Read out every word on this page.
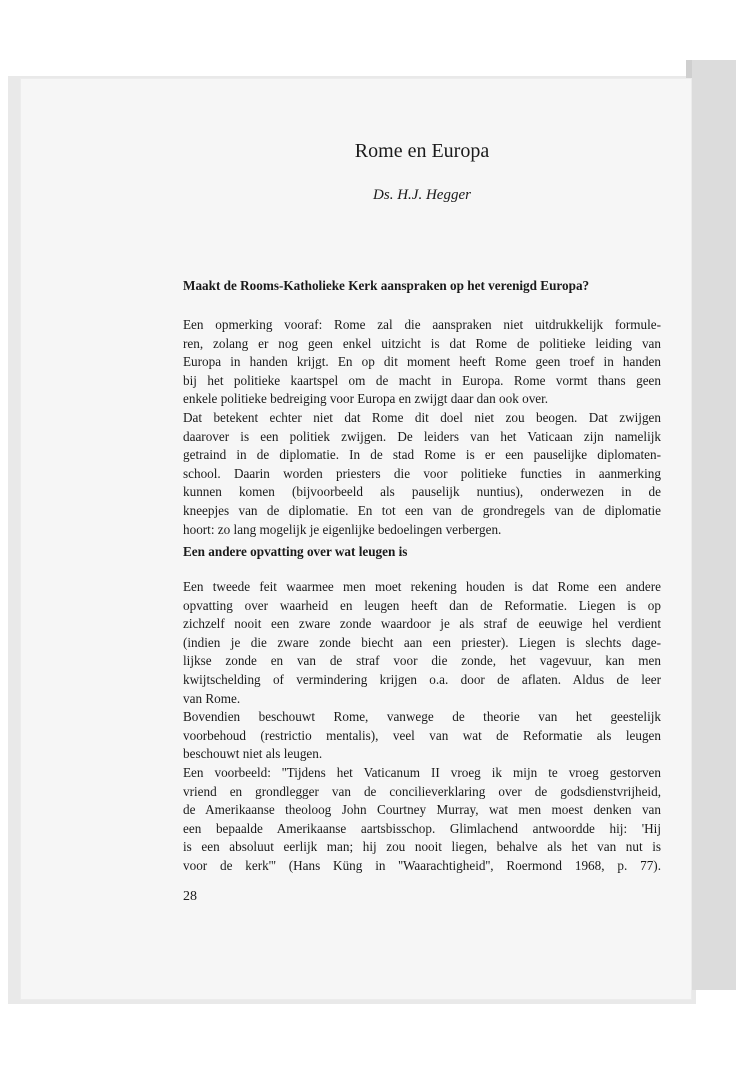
Rome en Europa

Ds. H.J. Hegger

Maakt de Rooms-Katholieke Kerk aanspraken op het verenigd Europa?
Een opmerking vooraf: Rome zal die aanspraken niet uitdrukkelijk formule-
ren, zolang er nog geen enkel uitzicht is dat Rome de politieke leiding van
Europa in handen krijgt. En op dit moment heeft Rome geen troef in handen
bij het politieke kaartspel om de macht in Europa. Rome vormt thans geen
enkele politieke bedreiging voor Europa en zwijgt daar dan ook over.
Dat betekent echter niet dat Rome dit doel niet zou beogen. Dat zwijgen
daarover is een politiek zwijgen. De leiders van het Vaticaan zijn namelijk
getraind in de diplomatie. In de stad Rome is er een pauselijke diplomaten-
school. Daarin worden priesters die voor politieke functies in aanmerking
kunnen komen (bijvoorbeeld als pauselijk nuntius), onderwezen in de
kneepjes van de diplomatie. En tot een van de grondregels van de diplomatie
hoort: zo lang mogelijk je eigenlijke bedoelingen verbergen.
Een andere opvatting over wat leugen is
Een tweede feit waarmee men moet rekening houden is dat Rome een andere
opvatting over waarheid en leugen heeft dan de Reformatie. Liegen is op
zichzelf nooit een zware zonde waardoor je als straf de eeuwige hel verdient
(indien je die zware zonde biecht aan een priester). Liegen is slechts dage-
lijkse zonde en van de straf voor die zonde, het vagevuur, kan men
kwijtschelding of vermindering krijgen o.a. door de aflaten. Aldus de leer
van Rome.
Bovendien beschouwt Rome, vanwege de theorie van het geestelijk
voorbehoud (restrictio mentalis), veel van wat de Reformatie als leugen
beschouwt niet als leugen.
Een voorbeeld: ''Tijdens het Vaticanum II vroeg ik mijn te vroeg gestorven
vriend en grondlegger van de concilieverklaring over de godsdienstvrijheid,
de Amerikaanse theoloog John Courtney Murray, wat men moest denken van
een bepaalde Amerikaanse aartsbisschop. Glimlachend antwoordde hij: 'Hij
is een absoluut eerlijk man; hij zou nooit liegen, behalve als het van nut is
voor de kerk''' (Hans Küng in ''Waarachtigheid'', Roermond 1968, p. 77).

28
